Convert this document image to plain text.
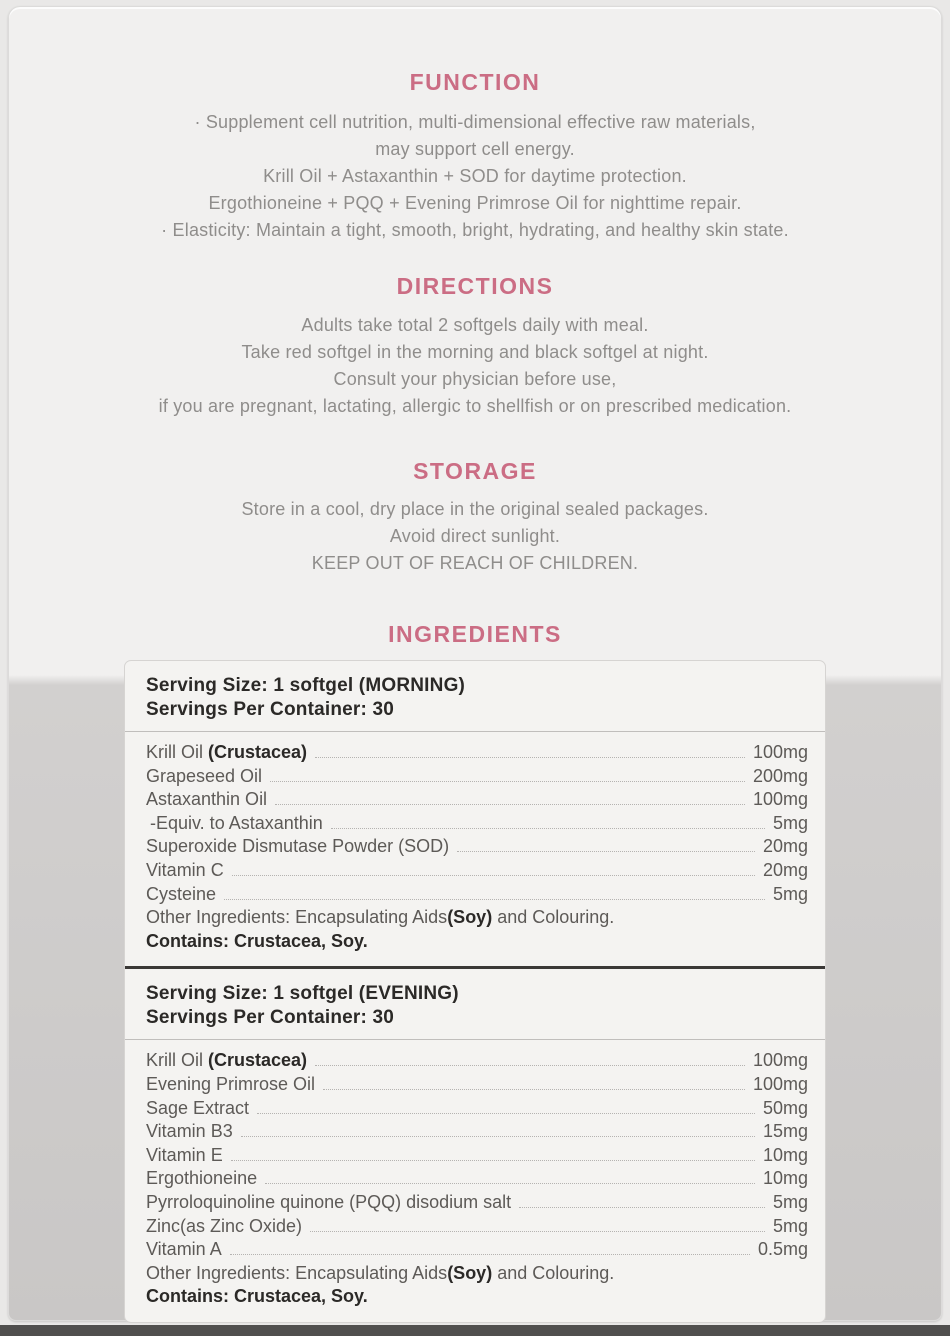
FUNCTION

· Supplement cell nutrition, multi-dimensional effective raw materials,

may support cell energy.

Krill Oil + Astaxanthin + SOD for daytime protection.

Ergothioneine + PQQ + Evening Primrose Oil for nighttime repair.

· Elasticity: Maintain a tight, smooth, bright, hydrating, and healthy skin state.

DIRECTIONS

Adults take total 2 softgels daily with meal.

Take red softgel in the morning and black softgel at night.

Consult your physician before use,

if you are pregnant, lactating, allergic to shellfish or on prescribed medication.

STORAGE

Store in a cool, dry place in the original sealed packages.

Avoid direct sunlight.

KEEP OUT OF REACH OF CHILDREN.

INGREDIENTS
Serving Size: 1 softgel (MORNING)
Servings Per Container: 30
Krill Oil (Crustacea)	100mg
Grapeseed Oil	200mg
Astaxanthin Oil	100mg
-Equiv. to Astaxanthin	5mg
Superoxide Dismutase Powder (SOD)	20mg
Vitamin C	20mg
Cysteine	5mg
Other Ingredients: Encapsulating Aids(Soy) and Colouring.
Contains: Crustacea, Soy.
Serving Size: 1 softgel (EVENING)
Servings Per Container: 30
Krill Oil (Crustacea)	100mg
Evening Primrose Oil	100mg
Sage Extract	50mg
Vitamin B3	15mg
Vitamin E	10mg
Ergothioneine	10mg
Pyrroloquinoline quinone (PQQ) disodium salt	5mg
Zinc(as Zinc Oxide)	5mg
Vitamin A	0.5mg
Other Ingredients: Encapsulating Aids(Soy) and Colouring.
Contains: Crustacea, Soy.
